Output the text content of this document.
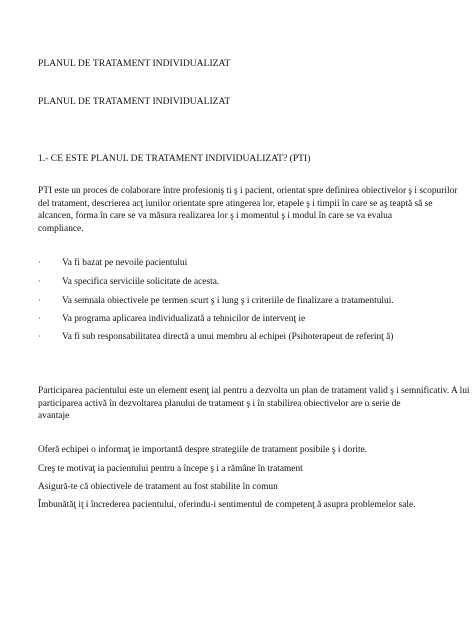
PLANUL DE TRATAMENT INDIVIDUALIZAT
PLANUL DE TRATAMENT INDIVIDUALIZAT
1.- CE ESTE PLANUL DE TRATAMENT INDIVIDUALIZAT? (PTI)
PTI este un proces de colaborare între profesioniş ti ş i pacient, orientat spre definirea obiectivelor ş i scopurilor
del tratament, descrierea acţ iunilor orientate spre atingerea lor, etapele ş i timpii în care se aş teaptă să se
alcancen, forma în care se va măsura realizarea lor ş i momentul ş i modul în care se va evalua
compliance.
· Va fi bazat pe nevoile pacientului
· Va specifica serviciile solicitate de acesta.
· Va semnala obiectivele pe termen scurt ş i lung ş i criteriile de finalizare a tratamentului.
· Va programa aplicarea individualizată a tehnicilor de intervenţ ie
· Va fi sub responsabilitatea directă a unui membru al echipei (Psihoterapeut de referinţ ă)
Participarea pacientului este un element esenţ ial pentru a dezvolta un plan de tratament valid ş i semnificativ. A lui
participarea activă în dezvoltarea planului de tratament ş i în stabilirea obiectivelor are o serie de
avantaje
Oferă echipei o informaţ ie importantă despre strategiile de tratament posibile ş i dorite.
Creş te motivaţ ia pacientului pentru a începe ş i a rămâne în tratament
Asigură-te că obiectivele de tratament au fost stabilite în comun
Îmbunătăţ iţ i încrederea pacientului, oferindu-i sentimentul de competenţ ă asupra problemelor sale.
